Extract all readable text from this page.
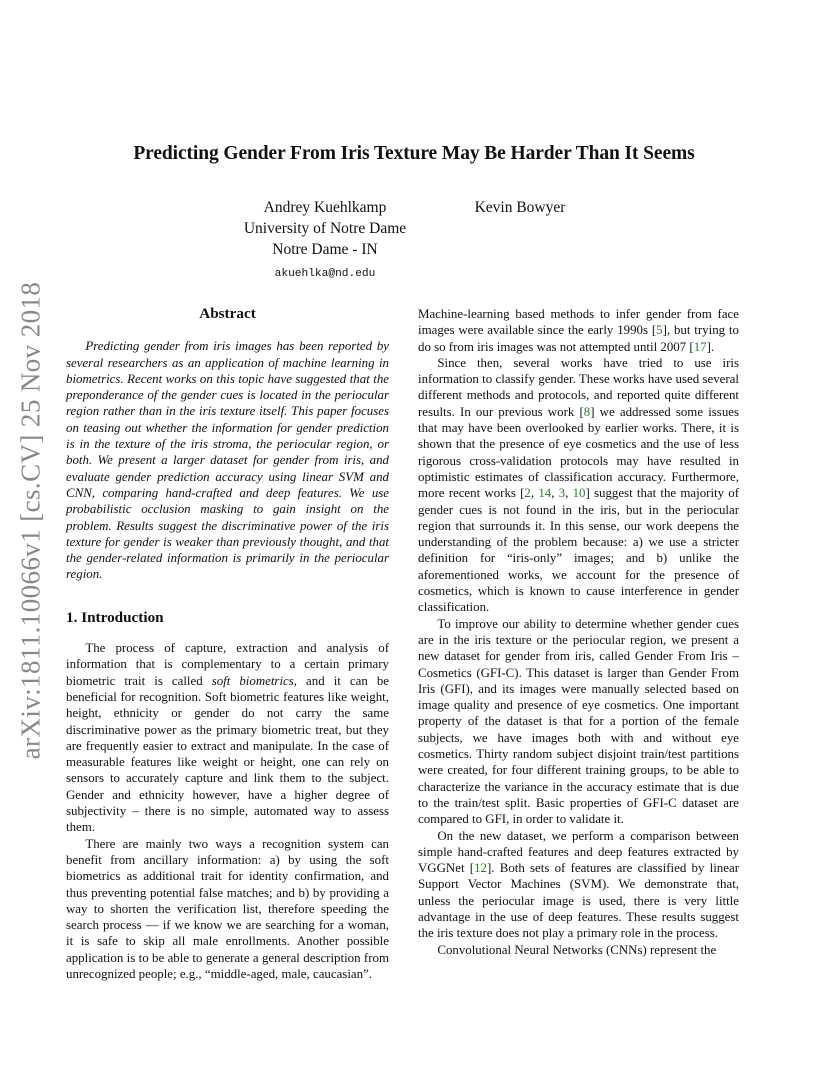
arXiv:1811.10066v1 [cs.CV] 25 Nov 2018
Predicting Gender From Iris Texture May Be Harder Than It Seems
Andrey Kuehlkamp
University of Notre Dame
Notre Dame - IN
akuehlka@nd.edu
Kevin Bowyer
Abstract

Predicting gender from iris images has been reported by several researchers as an application of machine learning in biometrics. Recent works on this topic have suggested that the preponderance of the gender cues is located in the periocular region rather than in the iris texture itself. This paper focuses on teasing out whether the information for gender prediction is in the texture of the iris stroma, the periocular region, or both. We present a larger dataset for gender from iris, and evaluate gender prediction accuracy using linear SVM and CNN, comparing hand-crafted and deep features. We use probabilistic occlusion masking to gain insight on the problem. Results suggest the discriminative power of the iris texture for gender is weaker than previously thought, and that the gender-related information is primarily in the periocular region.

1. Introduction

The process of capture, extraction and analysis of information that is complementary to a certain primary biometric trait is called soft biometrics, and it can be beneficial for recognition. Soft biometric features like weight, height, ethnicity or gender do not carry the same discriminative power as the primary biometric treat, but they are frequently easier to extract and manipulate. In the case of measurable features like weight or height, one can rely on sensors to accurately capture and link them to the subject. Gender and ethnicity however, have a higher degree of subjectivity – there is no simple, automated way to assess them.

There are mainly two ways a recognition system can benefit from ancillary information: a) by using the soft biometrics as additional trait for identity confirmation, and thus preventing potential false matches; and b) by providing a way to shorten the verification list, therefore speeding the search process — if we know we are searching for a woman, it is safe to skip all male enrollments. Another possible application is to be able to generate a general description from unrecognized people; e.g., “middle-aged, male, caucasian”.

Machine-learning based methods to infer gender from face images were available since the early 1990s [5], but trying to do so from iris images was not attempted until 2007 [17].

Since then, several works have tried to use iris information to classify gender. These works have used several different methods and protocols, and reported quite different results. In our previous work [8] we addressed some issues that may have been overlooked by earlier works. There, it is shown that the presence of eye cosmetics and the use of less rigorous cross-validation protocols may have resulted in optimistic estimates of classification accuracy. Furthermore, more recent works [2, 14, 3, 10] suggest that the majority of gender cues is not found in the iris, but in the periocular region that surrounds it. In this sense, our work deepens the understanding of the problem because: a) we use a stricter definition for “iris-only” images; and b) unlike the aforementioned works, we account for the presence of cosmetics, which is known to cause interference in gender classification.

To improve our ability to determine whether gender cues are in the iris texture or the periocular region, we present a new dataset for gender from iris, called Gender From Iris – Cosmetics (GFI-C). This dataset is larger than Gender From Iris (GFI), and its images were manually selected based on image quality and presence of eye cosmetics. One important property of the dataset is that for a portion of the female subjects, we have images both with and without eye cosmetics. Thirty random subject disjoint train/test partitions were created, for four different training groups, to be able to characterize the variance in the accuracy estimate that is due to the train/test split. Basic properties of GFI-C dataset are compared to GFI, in order to validate it.

On the new dataset, we perform a comparison between simple hand-crafted features and deep features extracted by VGGNet [12]. Both sets of features are classified by linear Support Vector Machines (SVM). We demonstrate that, unless the periocular image is used, there is very little advantage in the use of deep features. These results suggest the iris texture does not play a primary role in the process.

Convolutional Neural Networks (CNNs) represent the
